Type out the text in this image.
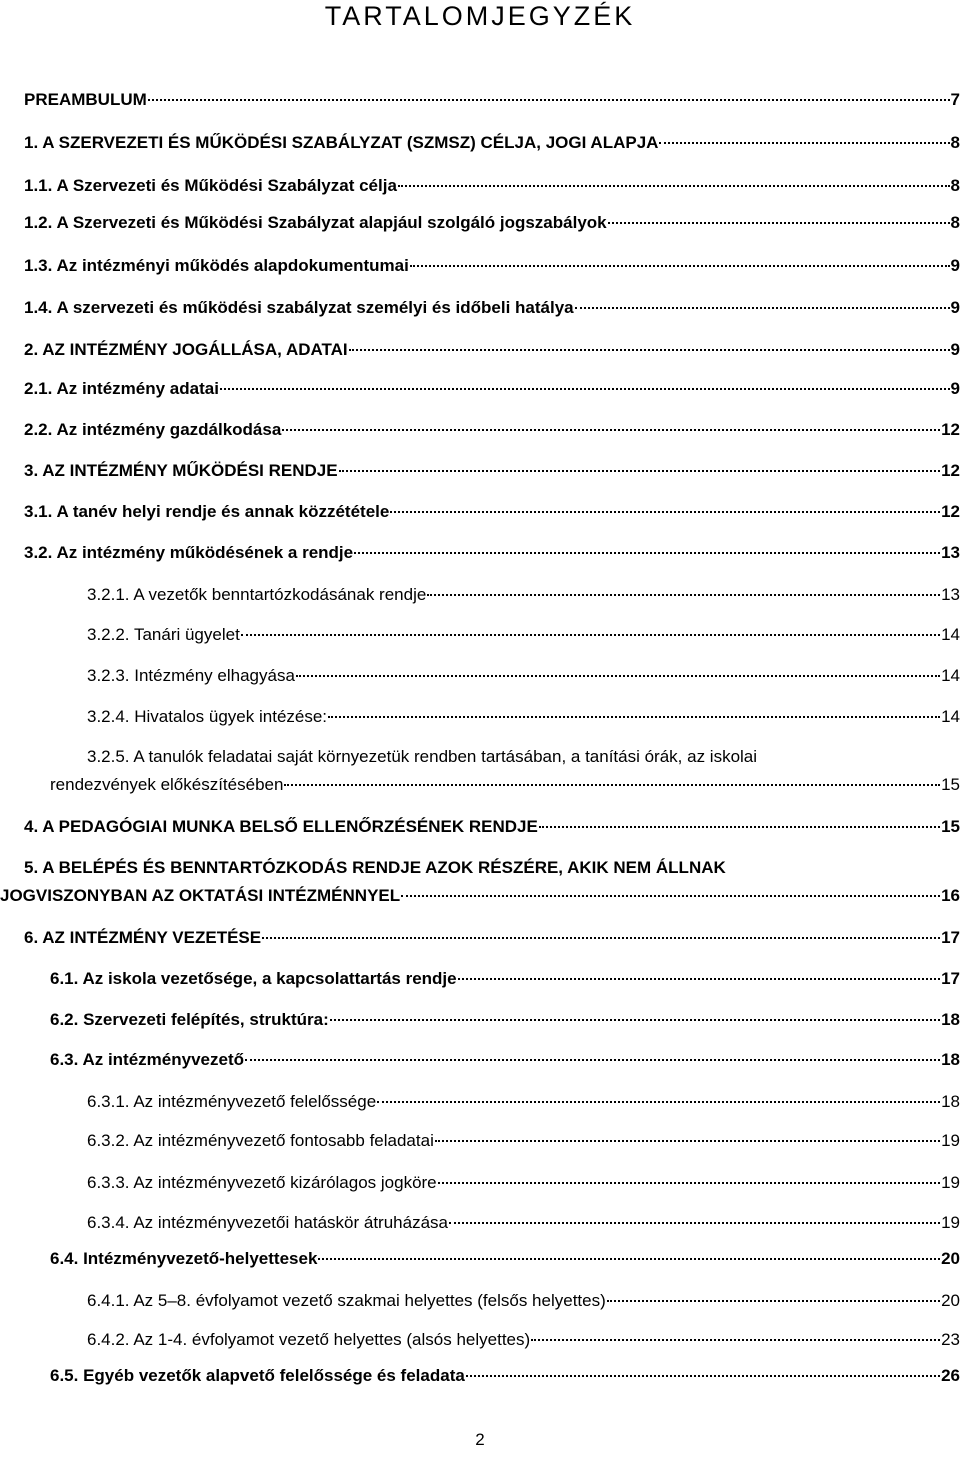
TARTALOMJEGYZÉK
PREAMBULUM	7
1. A SZERVEZETI ÉS MŰKÖDÉSI SZABÁLYZAT (SZMSZ) CÉLJA, JOGI ALAPJA	8
1.1. A Szervezeti és Működési Szabályzat célja	8
1.2. A Szervezeti és Működési Szabályzat alapjául szolgáló jogszabályok	8
1.3. Az intézményi működés alapdokumentumai	9
1.4. A szervezeti és működési szabályzat személyi és időbeli hatálya	9
2. AZ INTÉZMÉNY JOGÁLLÁSA, ADATAI	9
2.1. Az intézmény adatai	9
2.2. Az intézmény gazdálkodása	12
3. AZ INTÉZMÉNY MŰKÖDÉSI RENDJE	12
3.1. A tanév helyi rendje és annak közzététele	12
3.2. Az intézmény működésének a rendje	13
3.2.1. A vezetők benntartózkodásának rendje	13
3.2.2. Tanári ügyelet	14
3.2.3. Intézmény elhagyása	14
3.2.4. Hivatalos ügyek intézése:	14
3.2.5. A tanulók feladatai saját környezetük rendben tartásában, a tanítási órák, az iskolai
rendezvények előkészítésében	15
4. A PEDAGÓGIAI MUNKA BELSŐ ELLENŐRZÉSÉNEK RENDJE	15
5. A BELÉPÉS ÉS BENNTARTÓZKODÁS RENDJE AZOK RÉSZÉRE, AKIK NEM ÁLLNAK
JOGVISZONYBAN AZ OKTATÁSI INTÉZMÉNNYEL	16
6. AZ INTÉZMÉNY VEZETÉSE	17
6.1. Az iskola vezetősége, a kapcsolattartás rendje	17
6.2. Szervezeti felépítés, struktúra:	18
6.3. Az intézményvezető	18
6.3.1. Az intézményvezető felelőssége	18
6.3.2. Az intézményvezető fontosabb feladatai	19
6.3.3. Az intézményvezető kizárólagos jogköre	19
6.3.4. Az intézményvezetői hatáskör átruházása	19
6.4. Intézményvezető-helyettesek	20
6.4.1. Az 5–8. évfolyamot vezető szakmai helyettes (felsős helyettes)	20
6.4.2. Az 1-4. évfolyamot vezető helyettes (alsós helyettes)	23
6.5. Egyéb vezetők alapvető felelőssége és feladata	26
2
